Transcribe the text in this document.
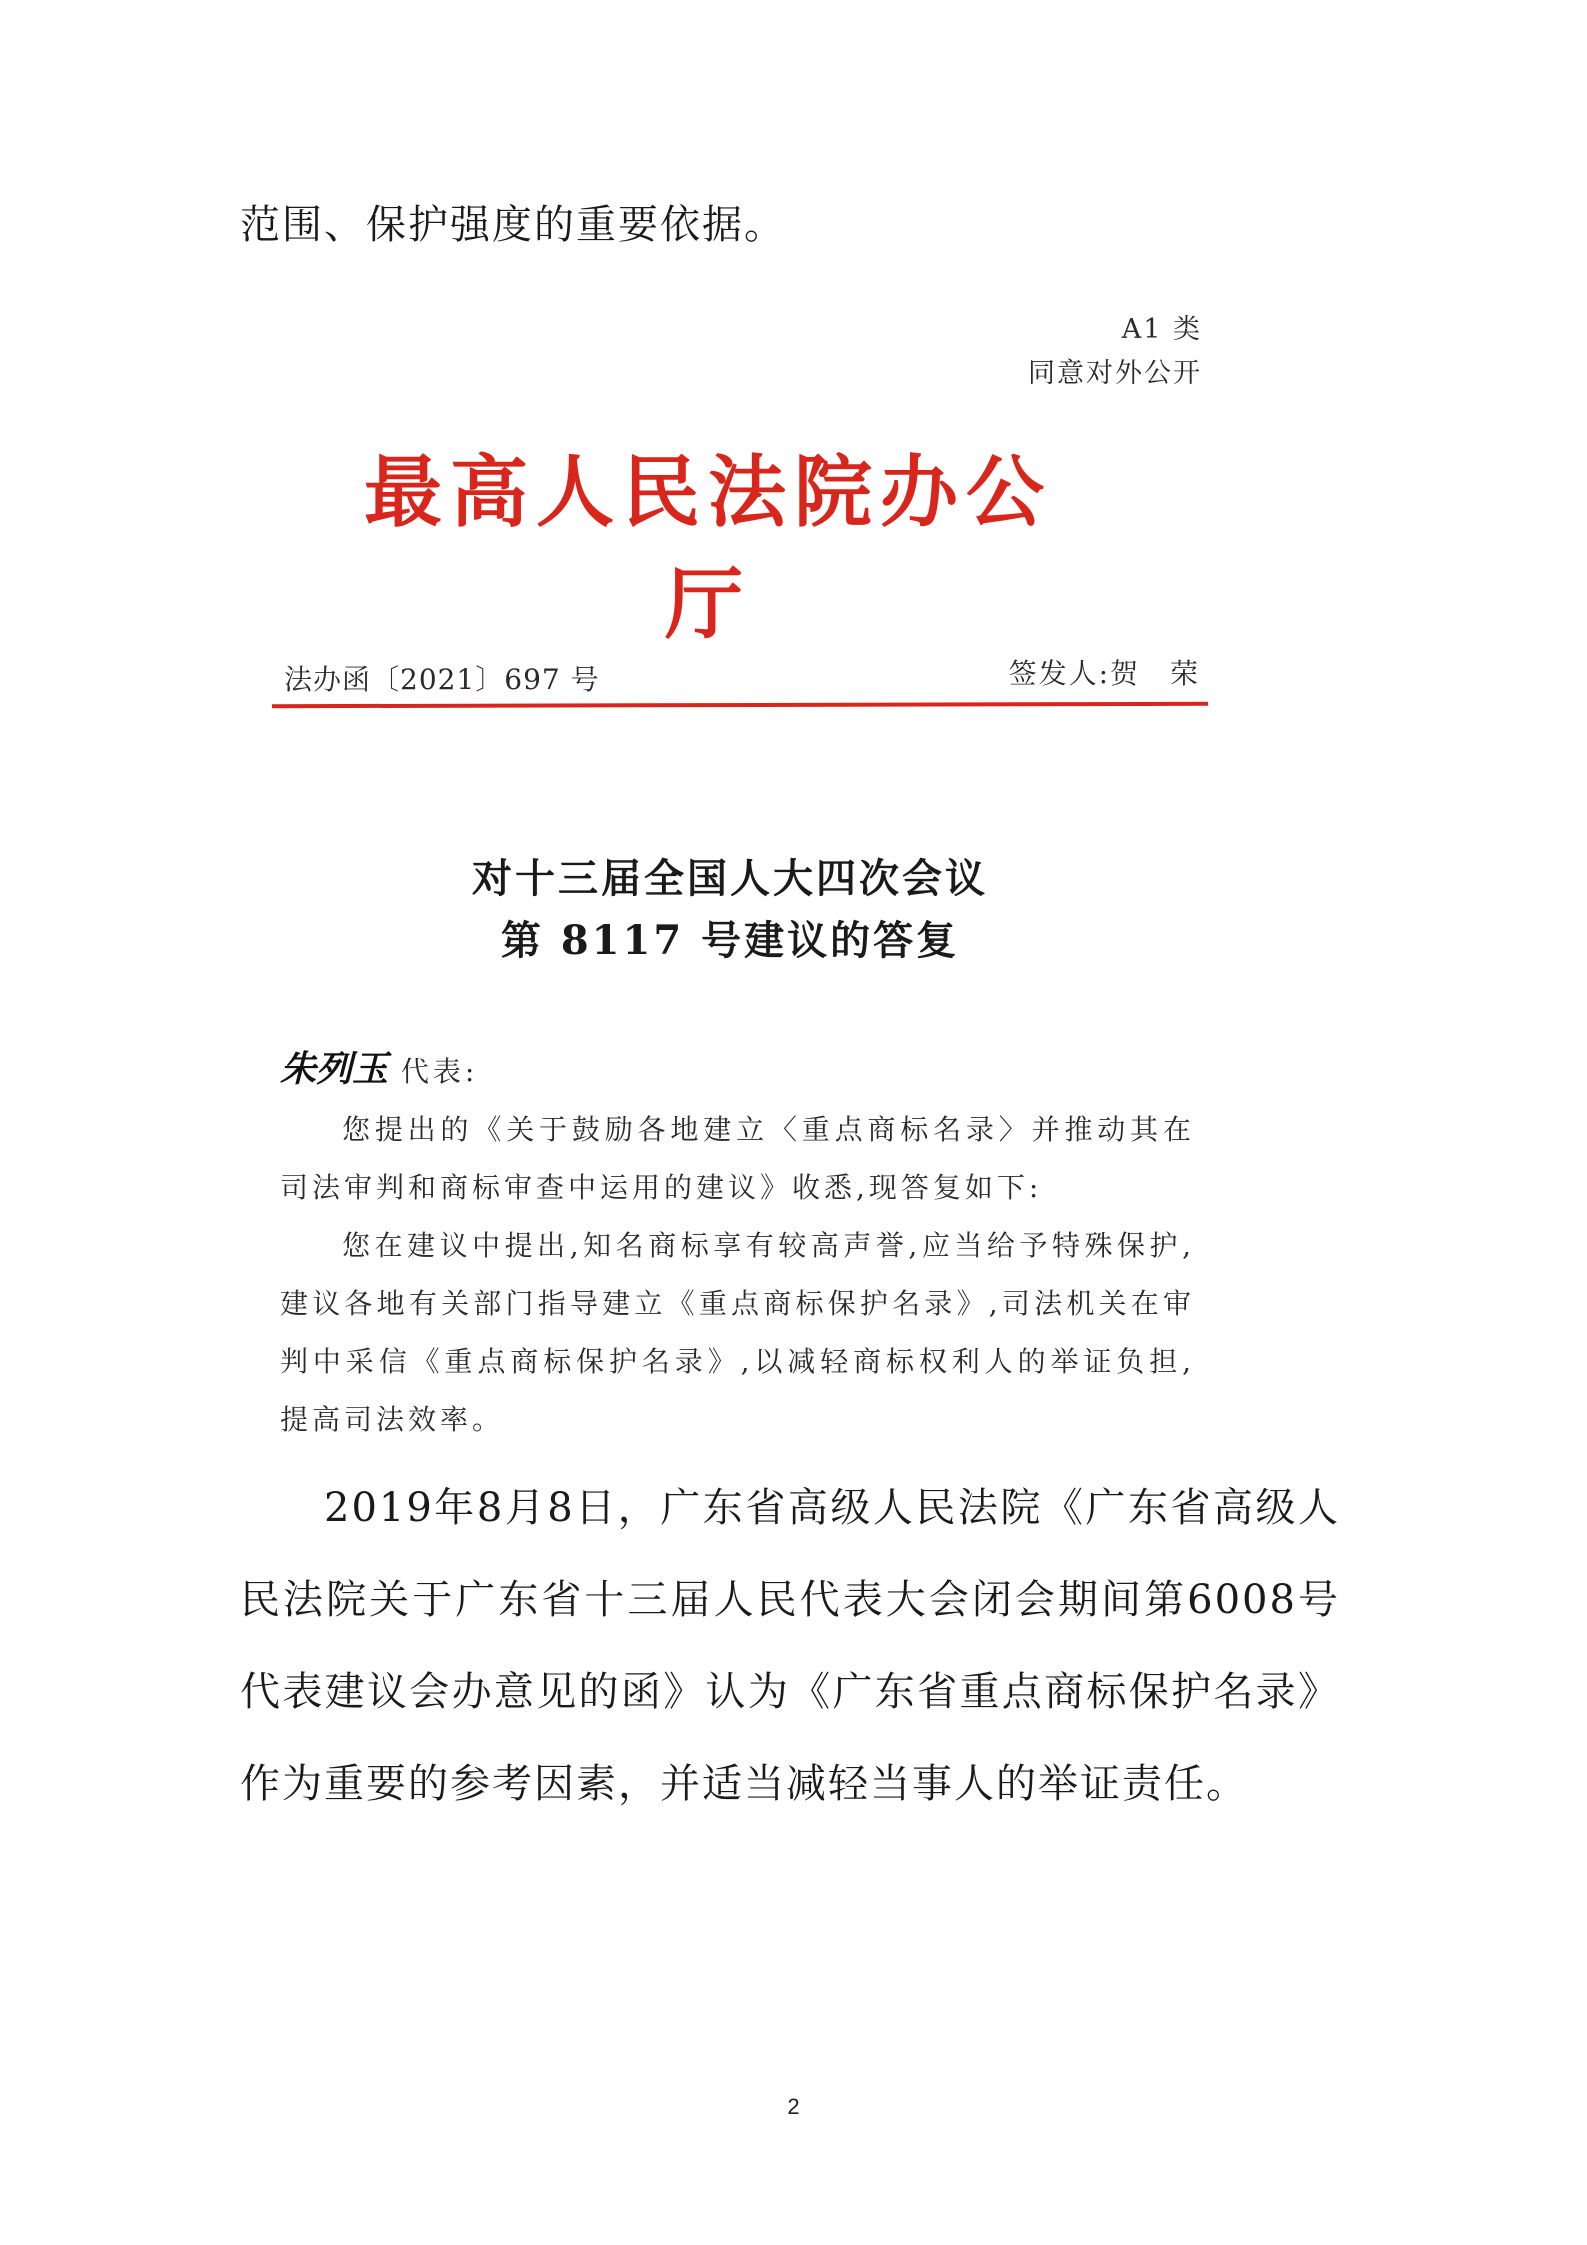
范围、保护强度的重要依据。
A1 类
同意对外公开
最高人民法院办公厅
法办函〔2021〕697 号	签发人:贺　荣
对十三届全国人大四次会议
第 8117 号建议的答复

朱列玉 代表:

您提出的《关于鼓励各地建立〈重点商标名录〉并推动其在司法审判和商标审查中运用的建议》收悉,现答复如下:

您在建议中提出,知名商标享有较高声誉,应当给予特殊保护,建议各地有关部门指导建立《重点商标保护名录》,司法机关在审判中采信《重点商标保护名录》,以减轻商标权利人的举证负担,提高司法效率。

2019年8月8日，广东省高级人民法院《广东省高级人民法院关于广东省十三届人民代表大会闭会期间第6008号代表建议会办意见的函》认为《广东省重点商标保护名录》作为重要的参考因素，并适当减轻当事人的举证责任。

2
